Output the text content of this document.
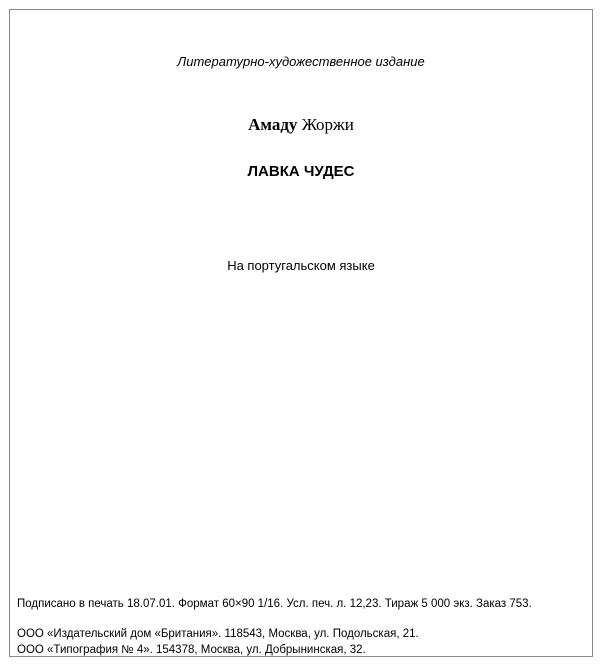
Литературно-художественное издание
Амаду Жоржи
ЛАВКА ЧУДЕС
На португальском языке
Подписано в печать 18.07.01. Формат 60×90 1/16. Усл. печ. л. 12,23. Тираж 5 000 экз. Заказ 753.
ООО «Издательский дом «Британия». 118543, Москва, ул. Подольская, 21.
ООО «Типография № 4». 154378, Москва, ул. Добрынинская, 32.
